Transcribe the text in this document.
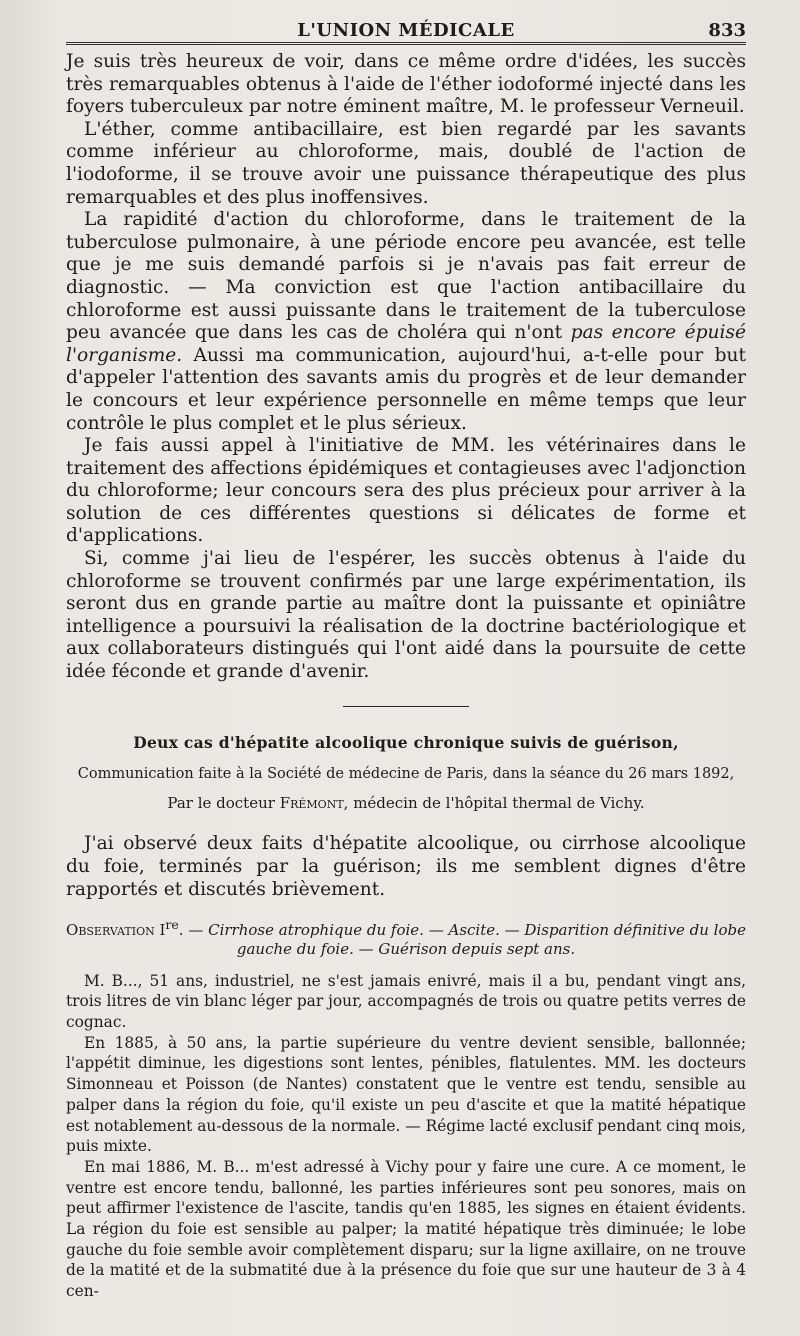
L'UNION MÉDICALE	833

Je suis très heureux de voir, dans ce même ordre d'idées, les succès très remarquables obtenus à l'aide de l'éther iodoformé injecté dans les foyers tuberculeux par notre éminent maître, M. le professeur Verneuil.

L'éther, comme antibacillaire, est bien regardé par les savants comme inférieur au chloroforme, mais, doublé de l'action de l'iodoforme, il se trouve avoir une puissance thérapeutique des plus remarquables et des plus inoffensives.

La rapidité d'action du chloroforme, dans le traitement de la tuberculose pulmonaire, à une période encore peu avancée, est telle que je me suis demandé parfois si je n'avais pas fait erreur de diagnostic. — Ma conviction est que l'action antibacillaire du chloroforme est aussi puissante dans le traitement de la tuberculose peu avancée que dans les cas de choléra qui n'ont pas encore épuisé l'organisme. Aussi ma communication, aujourd'hui, a-t-elle pour but d'appeler l'attention des savants amis du progrès et de leur demander le concours et leur expérience personnelle en même temps que leur contrôle le plus complet et le plus sérieux.

Je fais aussi appel à l'initiative de MM. les vétérinaires dans le traitement des affections épidémiques et contagieuses avec l'adjonction du chloroforme; leur concours sera des plus précieux pour arriver à la solution de ces différentes questions si délicates de forme et d'applications.

Si, comme j'ai lieu de l'espérer, les succès obtenus à l'aide du chloroforme se trouvent confirmés par une large expérimentation, ils seront dus en grande partie au maître dont la puissante et opiniâtre intelligence a poursuivi la réalisation de la doctrine bactériologique et aux collaborateurs distingués qui l'ont aidé dans la poursuite de cette idée féconde et grande d'avenir.

Deux cas d'hépatite alcoolique chronique suivis de guérison,
Communication faite à la Société de médecine de Paris, dans la séance du 26 mars 1892,
Par le docteur Frémont, médecin de l'hôpital thermal de Vichy.

J'ai observé deux faits d'hépatite alcoolique, ou cirrhose alcoolique du foie, terminés par la guérison; ils me semblent dignes d'être rapportés et discutés brièvement.

Observation Ire. — Cirrhose atrophique du foie. — Ascite. — Disparition définitive du lobe gauche du foie. — Guérison depuis sept ans.

M. B..., 51 ans, industriel, ne s'est jamais enivré, mais il a bu, pendant vingt ans, trois litres de vin blanc léger par jour, accompagnés de trois ou quatre petits verres de cognac.

En 1885, à 50 ans, la partie supérieure du ventre devient sensible, ballonnée; l'appétit diminue, les digestions sont lentes, pénibles, flatulentes. MM. les docteurs Simonneau et Poisson (de Nantes) constatent que le ventre est tendu, sensible au palper dans la région du foie, qu'il existe un peu d'ascite et que la matité hépatique est notablement au-dessous de la normale. — Régime lacté exclusif pendant cinq mois, puis mixte.

En mai 1886, M. B... m'est adressé à Vichy pour y faire une cure. A ce moment, le ventre est encore tendu, ballonné, les parties inférieures sont peu sonores, mais on peut affirmer l'existence de l'ascite, tandis qu'en 1885, les signes en étaient évidents. La région du foie est sensible au palper; la matité hépatique très diminuée; le lobe gauche du foie semble avoir complètement disparu; sur la ligne axillaire, on ne trouve de la matité et de la submatité due à la présence du foie que sur une hauteur de 3 à 4 cen-
